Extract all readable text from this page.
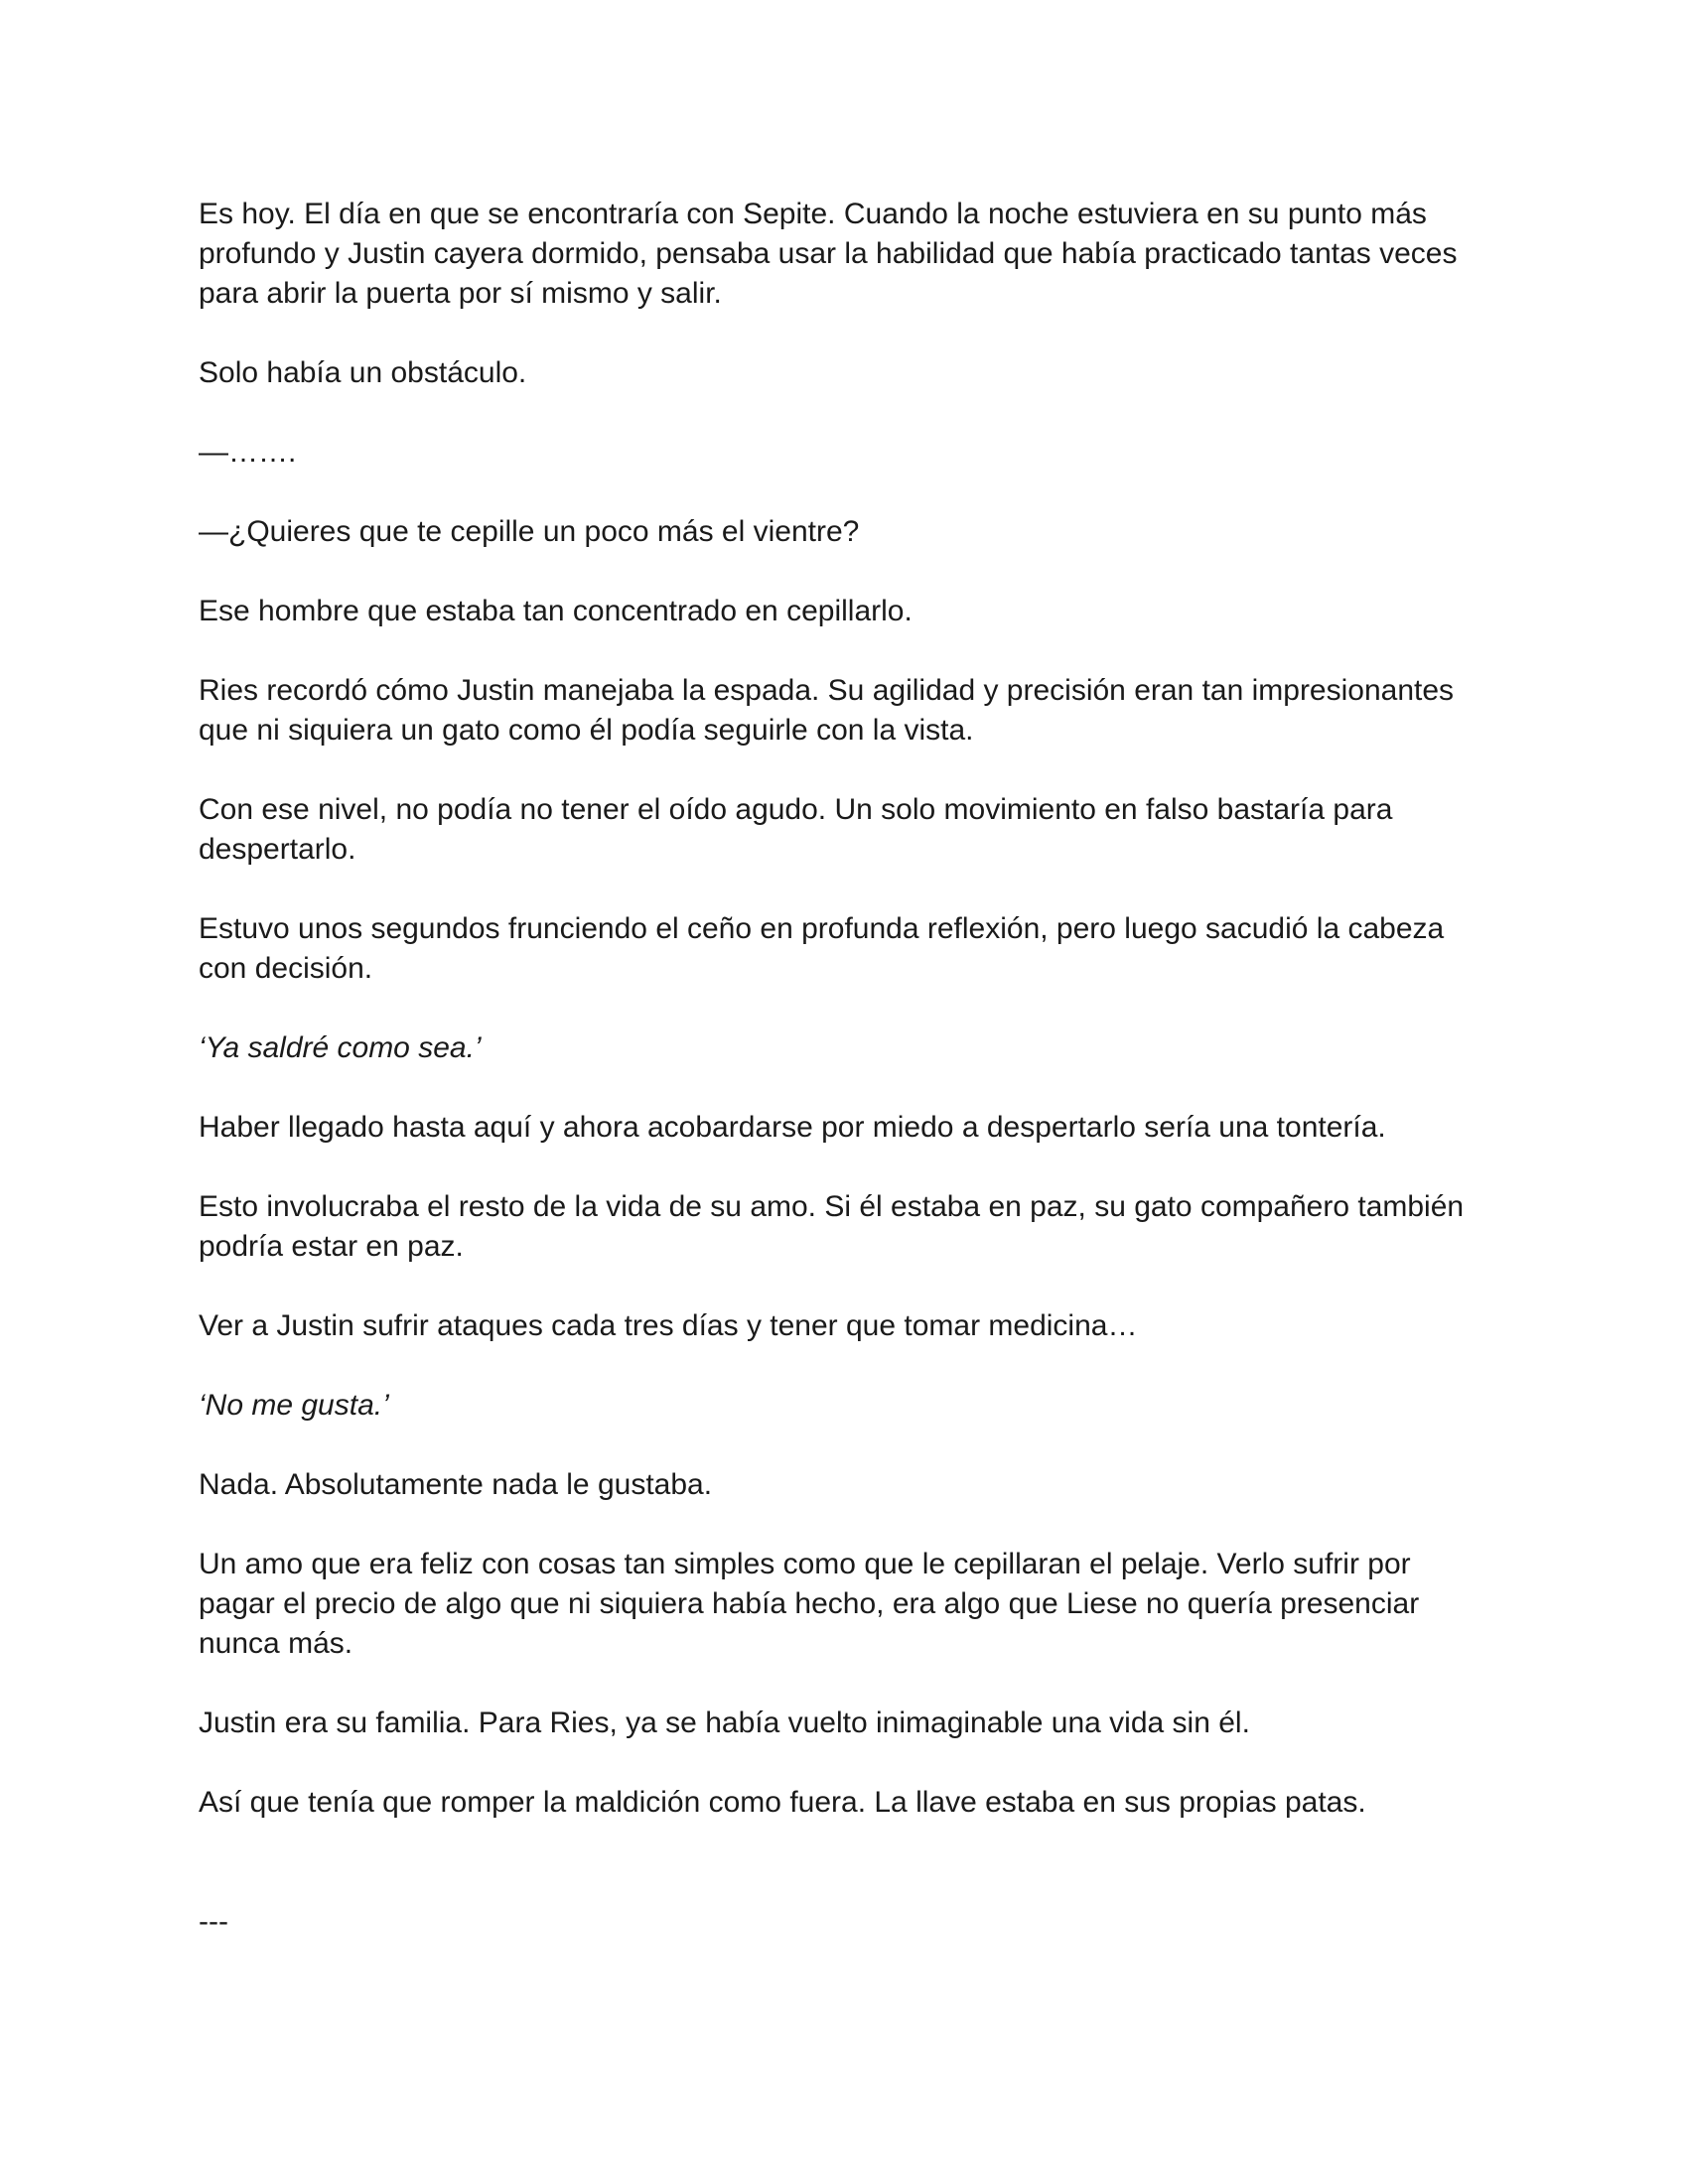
Es hoy. El día en que se encontraría con Sepite. Cuando la noche estuviera en su punto más profundo y Justin cayera dormido, pensaba usar la habilidad que había practicado tantas veces para abrir la puerta por sí mismo y salir.

Solo había un obstáculo.

—…….

—¿Quieres que te cepille un poco más el vientre?

Ese hombre que estaba tan concentrado en cepillarlo.

Ries recordó cómo Justin manejaba la espada. Su agilidad y precisión eran tan impresionantes que ni siquiera un gato como él podía seguirle con la vista.

Con ese nivel, no podía no tener el oído agudo. Un solo movimiento en falso bastaría para despertarlo.

Estuvo unos segundos frunciendo el ceño en profunda reflexión, pero luego sacudió la cabeza con decisión.

‘Ya saldré como sea.’

Haber llegado hasta aquí y ahora acobardarse por miedo a despertarlo sería una tontería.

Esto involucraba el resto de la vida de su amo. Si él estaba en paz, su gato compañero también podría estar en paz.

Ver a Justin sufrir ataques cada tres días y tener que tomar medicina…

‘No me gusta.’

Nada. Absolutamente nada le gustaba.

Un amo que era feliz con cosas tan simples como que le cepillaran el pelaje. Verlo sufrir por pagar el precio de algo que ni siquiera había hecho, era algo que Liese no quería presenciar nunca más.

Justin era su familia. Para Ries, ya se había vuelto inimaginable una vida sin él.

Así que tenía que romper la maldición como fuera. La llave estaba en sus propias patas.

---
